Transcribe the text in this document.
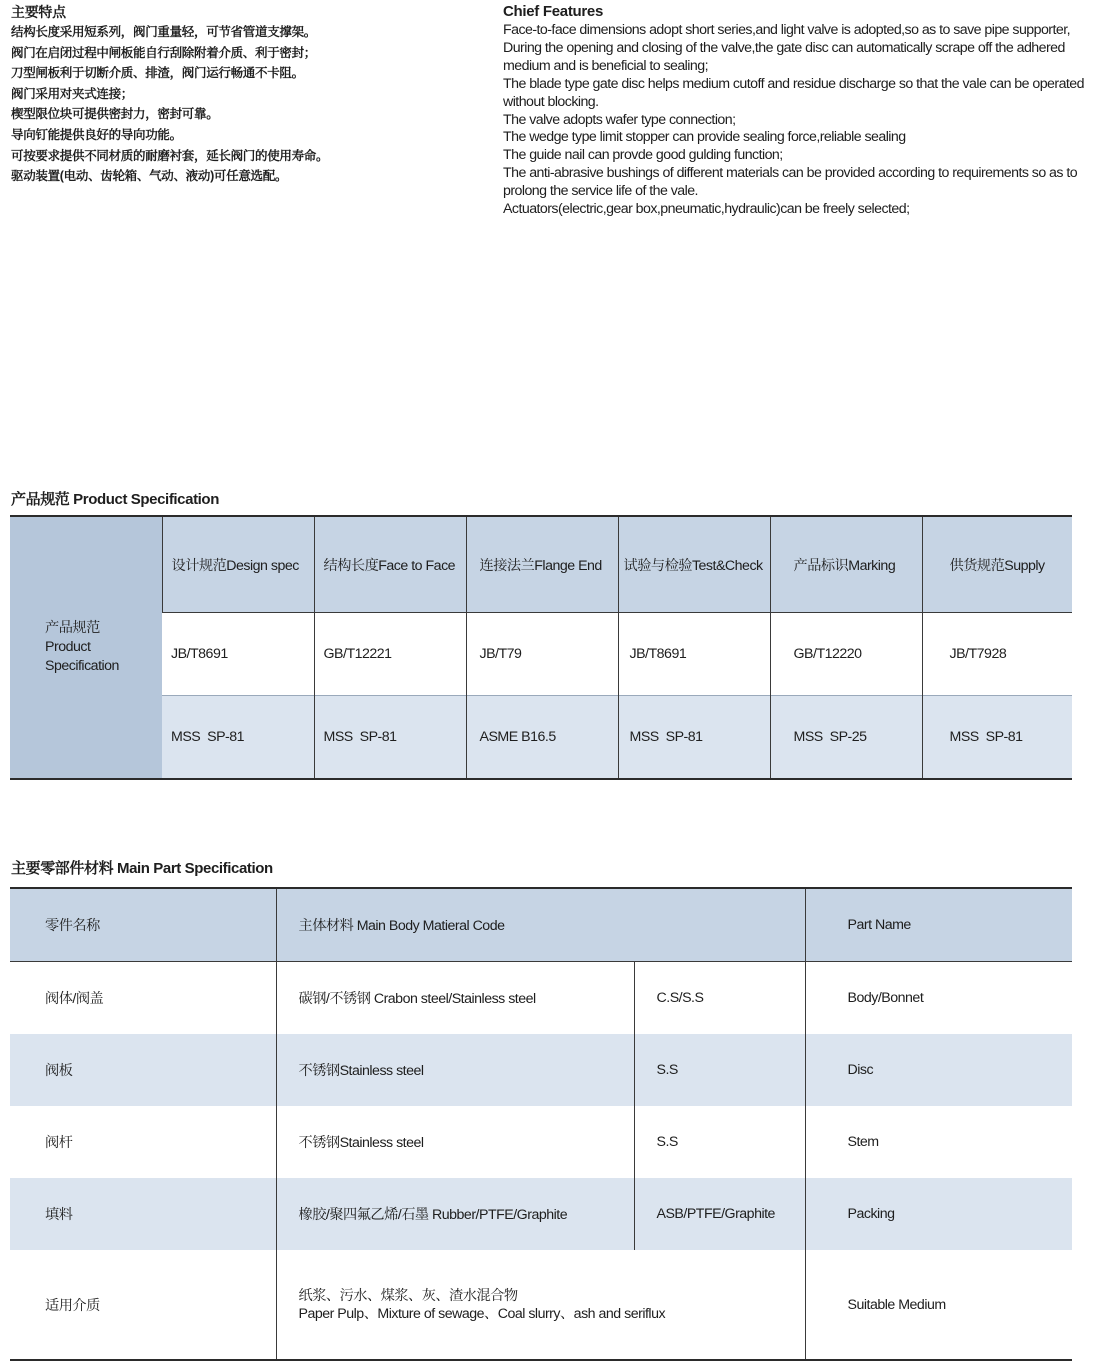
主要特点
结构长度采用短系列，阀门重量轻，可节省管道支撑架。
阀门在启闭过程中闸板能自行刮除附着介质、利于密封；
刀型闸板利于切断介质、排渣，阀门运行畅通不卡阻。
阀门采用对夹式连接；
楔型限位块可提供密封力，密封可靠。
导向钉能提供良好的导向功能。
可按要求提供不同材质的耐磨衬套，延长阀门的使用寿命。
驱动装置(电动、齿轮箱、气动、液动)可任意选配。
Chief Features
Face-to-face dimensions adopt short series,and light valve is adopted,so as to save pipe supporter,
During the opening and closing of the valve,the gate disc can automatically scrape off the adhered medium and is beneficial to sealing;
The blade type gate disc helps medium cutoff and residue discharge so that the vale can be operated without blocking.
The valve adopts wafer type connection;
The wedge type limit stopper can provide sealing force,reliable sealing
The guide nail can provde good gulding function;
The anti-abrasive bushings of different materials can be provided according to requirements so as to prolong the service life of the vale.
Actuators(electric,gear box,pneumatic,hydraulic)can be freely selected;
产品规范 Product Specification
产品规范
Product
Specification	设计规范Design spec	结构长度Face to Face	连接法兰Flange End	试验与检验Test&Check	产品标识Marking	供货规范Supply
	JB/T8691	GB/T12221	JB/T79	JB/T8691	GB/T12220	JB/T7928
	MSS  SP-81	MSS  SP-81	ASME B16.5	MSS  SP-81	MSS  SP-25	MSS  SP-81
主要零部件材料 Main Part Specification
零件名称	主体材料 Main Body Matieral Code		Part Name
阀体/阀盖	碳钢/不锈钢 Crabon steel/Stainless steel	C.S/S.S	Body/Bonnet
阀板	不锈钢Stainless steel	S.S	Disc
阀杆	不锈钢Stainless steel	S.S	Stem
填料	橡胶/聚四氟乙烯/石墨 Rubber/PTFE/Graphite	ASB/PTFE/Graphite	Packing
适用介质	纸浆、污水、煤浆、灰、渣水混合物
Paper Pulp、Mixture of sewage、Coal slurry、ash and seriflux		Suitable Medium
